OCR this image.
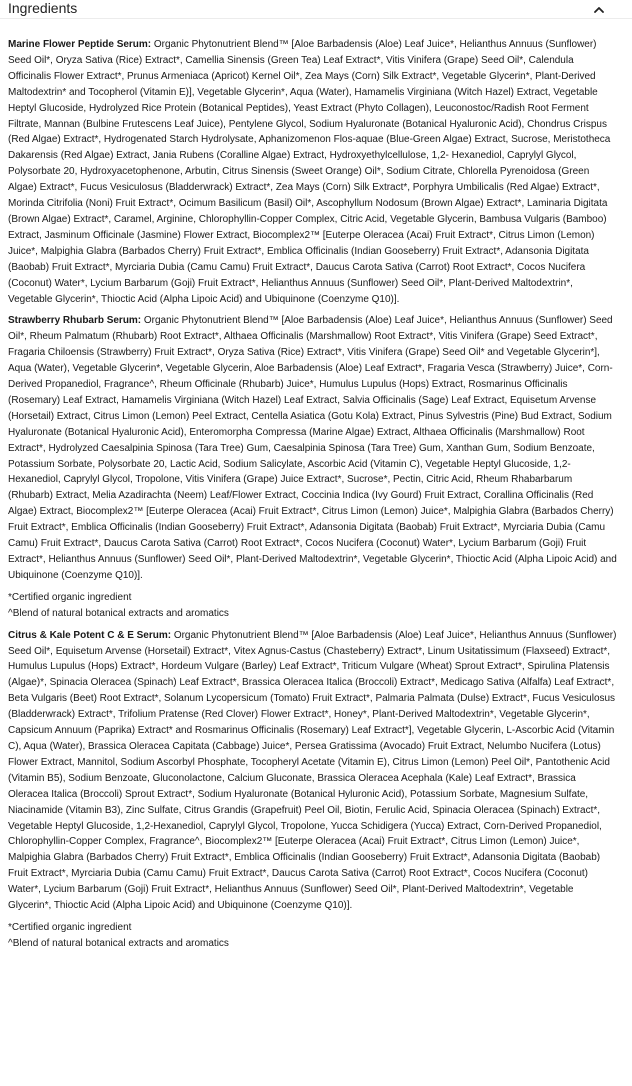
Ingredients

Marine Flower Peptide Serum: Organic Phytonutrient Blend™ [Aloe Barbadensis (Aloe) Leaf Juice*, Helianthus Annuus (Sunflower) Seed Oil*, Oryza Sativa (Rice) Extract*, Camellia Sinensis (Green Tea) Leaf Extract*, Vitis Vinifera (Grape) Seed Oil*, Calendula Officinalis Flower Extract*, Prunus Armeniaca (Apricot) Kernel Oil*, Zea Mays (Corn) Silk Extract*, Vegetable Glycerin*, Plant-Derived Maltodextrin* and Tocopherol (Vitamin E)], Vegetable Glycerin*, Aqua (Water), Hamamelis Virginiana (Witch Hazel) Extract, Vegetable Heptyl Glucoside, Hydrolyzed Rice Protein (Botanical Peptides), Yeast Extract (Phyto Collagen), Leuconostoc/Radish Root Ferment Filtrate, Mannan (Bulbine Frutescens Leaf Juice), Pentylene Glycol, Sodium Hyaluronate (Botanical Hyaluronic Acid), Chondrus Crispus (Red Algae) Extract*, Hydrogenated Starch Hydrolysate, Aphanizomenon Flos-aquae (Blue-Green Algae) Extract, Sucrose, Meristotheca Dakarensis (Red Algae) Extract, Jania Rubens (Coralline Algae) Extract, Hydroxyethylcellulose, 1,2- Hexanediol, Caprylyl Glycol, Polysorbate 20, Hydroxyacetophenone, Arbutin, Citrus Sinensis (Sweet Orange) Oil*, Sodium Citrate, Chlorella Pyrenoidosa (Green Algae) Extract*, Fucus Vesiculosus (Bladderwrack) Extract*, Zea Mays (Corn) Silk Extract*, Porphyra Umbilicalis (Red Algae) Extract*, Morinda Citrifolia (Noni) Fruit Extract*, Ocimum Basilicum (Basil) Oil*, Ascophyllum Nodosum (Brown Algae) Extract*, Laminaria Digitata (Brown Algae) Extract*, Caramel, Arginine, Chlorophyllin-Copper Complex, Citric Acid, Vegetable Glycerin, Bambusa Vulgaris (Bamboo) Extract, Jasminum Officinale (Jasmine) Flower Extract, Biocomplex2™ [Euterpe Oleracea (Acai) Fruit Extract*, Citrus Limon (Lemon) Juice*, Malpighia Glabra (Barbados Cherry) Fruit Extract*, Emblica Officinalis (Indian Gooseberry) Fruit Extract*, Adansonia Digitata (Baobab) Fruit Extract*, Myrciaria Dubia (Camu Camu) Fruit Extract*, Daucus Carota Sativa (Carrot) Root Extract*, Cocos Nucifera (Coconut) Water*, Lycium Barbarum (Goji) Fruit Extract*, Helianthus Annuus (Sunflower) Seed Oil*, Plant-Derived Maltodextrin*, Vegetable Glycerin*, Thioctic Acid (Alpha Lipoic Acid) and Ubiquinone (Coenzyme Q10)].

Strawberry Rhubarb Serum: Organic Phytonutrient Blend™ [Aloe Barbadensis (Aloe) Leaf Juice*, Helianthus Annuus (Sunflower) Seed Oil*, Rheum Palmatum (Rhubarb) Root Extract*, Althaea Officinalis (Marshmallow) Root Extract*, Vitis Vinifera (Grape) Seed Extract*, Fragaria Chiloensis (Strawberry) Fruit Extract*, Oryza Sativa (Rice) Extract*, Vitis Vinifera (Grape) Seed Oil* and Vegetable Glycerin*], Aqua (Water), Vegetable Glycerin*, Vegetable Glycerin, Aloe Barbadensis (Aloe) Leaf Extract*, Fragaria Vesca (Strawberry) Juice*, Corn-Derived Propanediol, Fragrance^, Rheum Officinale (Rhubarb) Juice*, Humulus Lupulus (Hops) Extract, Rosmarinus Officinalis (Rosemary) Leaf Extract, Hamamelis Virginiana (Witch Hazel) Leaf Extract, Salvia Officinalis (Sage) Leaf Extract, Equisetum Arvense (Horsetail) Extract, Citrus Limon (Lemon) Peel Extract, Centella Asiatica (Gotu Kola) Extract, Pinus Sylvestris (Pine) Bud Extract, Sodium Hyaluronate (Botanical Hyaluronic Acid), Enteromorpha Compressa (Marine Algae) Extract, Althaea Officinalis (Marshmallow) Root Extract*, Hydrolyzed Caesalpinia Spinosa (Tara Tree) Gum, Caesalpinia Spinosa (Tara Tree) Gum, Xanthan Gum, Sodium Benzoate, Potassium Sorbate, Polysorbate 20, Lactic Acid, Sodium Salicylate, Ascorbic Acid (Vitamin C), Vegetable Heptyl Glucoside, 1,2-Hexanediol, Caprylyl Glycol, Tropolone, Vitis Vinifera (Grape) Juice Extract*, Sucrose*, Pectin, Citric Acid, Rheum Rhabarbarum (Rhubarb) Extract, Melia Azadirachta (Neem) Leaf/Flower Extract, Coccinia Indica (Ivy Gourd) Fruit Extract, Corallina Officinalis (Red Algae) Extract, Biocomplex2™ [Euterpe Oleracea (Acai) Fruit Extract*, Citrus Limon (Lemon) Juice*, Malpighia Glabra (Barbados Cherry) Fruit Extract*, Emblica Officinalis (Indian Gooseberry) Fruit Extract*, Adansonia Digitata (Baobab) Fruit Extract*, Myrciaria Dubia (Camu Camu) Fruit Extract*, Daucus Carota Sativa (Carrot) Root Extract*, Cocos Nucifera (Coconut) Water*, Lycium Barbarum (Goji) Fruit Extract*, Helianthus Annuus (Sunflower) Seed Oil*, Plant-Derived Maltodextrin*, Vegetable Glycerin*, Thioctic Acid (Alpha Lipoic Acid) and Ubiquinone (Coenzyme Q10)].

*Certified organic ingredient

^Blend of natural botanical extracts and aromatics

Citrus & Kale Potent C & E Serum: Organic Phytonutrient Blend™ [Aloe Barbadensis (Aloe) Leaf Juice*, Helianthus Annuus (Sunflower) Seed Oil*, Equisetum Arvense (Horsetail) Extract*, Vitex Agnus-Castus (Chasteberry) Extract*, Linum Usitatissimum (Flaxseed) Extract*, Humulus Lupulus (Hops) Extract*, Hordeum Vulgare (Barley) Leaf Extract*, Triticum Vulgare (Wheat) Sprout Extract*, Spirulina Platensis (Algae)*, Spinacia Oleracea (Spinach) Leaf Extract*, Brassica Oleracea Italica (Broccoli) Extract*, Medicago Sativa (Alfalfa) Leaf Extract*, Beta Vulgaris (Beet) Root Extract*, Solanum Lycopersicum (Tomato) Fruit Extract*, Palmaria Palmata (Dulse) Extract*, Fucus Vesiculosus (Bladderwrack) Extract*, Trifolium Pratense (Red Clover) Flower Extract*, Honey*, Plant-Derived Maltodextrin*, Vegetable Glycerin*, Capsicum Annuum (Paprika) Extract* and Rosmarinus Officinalis (Rosemary) Leaf Extract*], Vegetable Glycerin, L-Ascorbic Acid (Vitamin C), Aqua (Water), Brassica Oleracea Capitata (Cabbage) Juice*, Persea Gratissima (Avocado) Fruit Extract, Nelumbo Nucifera (Lotus) Flower Extract, Mannitol, Sodium Ascorbyl Phosphate, Tocopheryl Acetate (Vitamin E), Citrus Limon (Lemon) Peel Oil*, Pantothenic Acid (Vitamin B5), Sodium Benzoate, Gluconolactone, Calcium Gluconate, Brassica Oleracea Acephala (Kale) Leaf Extract*, Brassica Oleracea Italica (Broccoli) Sprout Extract*, Sodium Hyaluronate (Botanical Hyluronic Acid), Potassium Sorbate, Magnesium Sulfate, Niacinamide (Vitamin B3), Zinc Sulfate, Citrus Grandis (Grapefruit) Peel Oil, Biotin, Ferulic Acid, Spinacia Oleracea (Spinach) Extract*, Vegetable Heptyl Glucoside, 1,2-Hexanediol, Caprylyl Glycol, Tropolone, Yucca Schidigera (Yucca) Extract, Corn-Derived Propanediol, Chlorophyllin-Copper Complex, Fragrance^, Biocomplex2™ [Euterpe Oleracea (Acai) Fruit Extract*, Citrus Limon (Lemon) Juice*, Malpighia Glabra (Barbados Cherry) Fruit Extract*, Emblica Officinalis (Indian Gooseberry) Fruit Extract*, Adansonia Digitata (Baobab) Fruit Extract*, Myrciaria Dubia (Camu Camu) Fruit Extract*, Daucus Carota Sativa (Carrot) Root Extract*, Cocos Nucifera (Coconut) Water*, Lycium Barbarum (Goji) Fruit Extract*, Helianthus Annuus (Sunflower) Seed Oil*, Plant-Derived Maltodextrin*, Vegetable Glycerin*, Thioctic Acid (Alpha Lipoic Acid) and Ubiquinone (Coenzyme Q10)].

*Certified organic ingredient

^Blend of natural botanical extracts and aromatics
